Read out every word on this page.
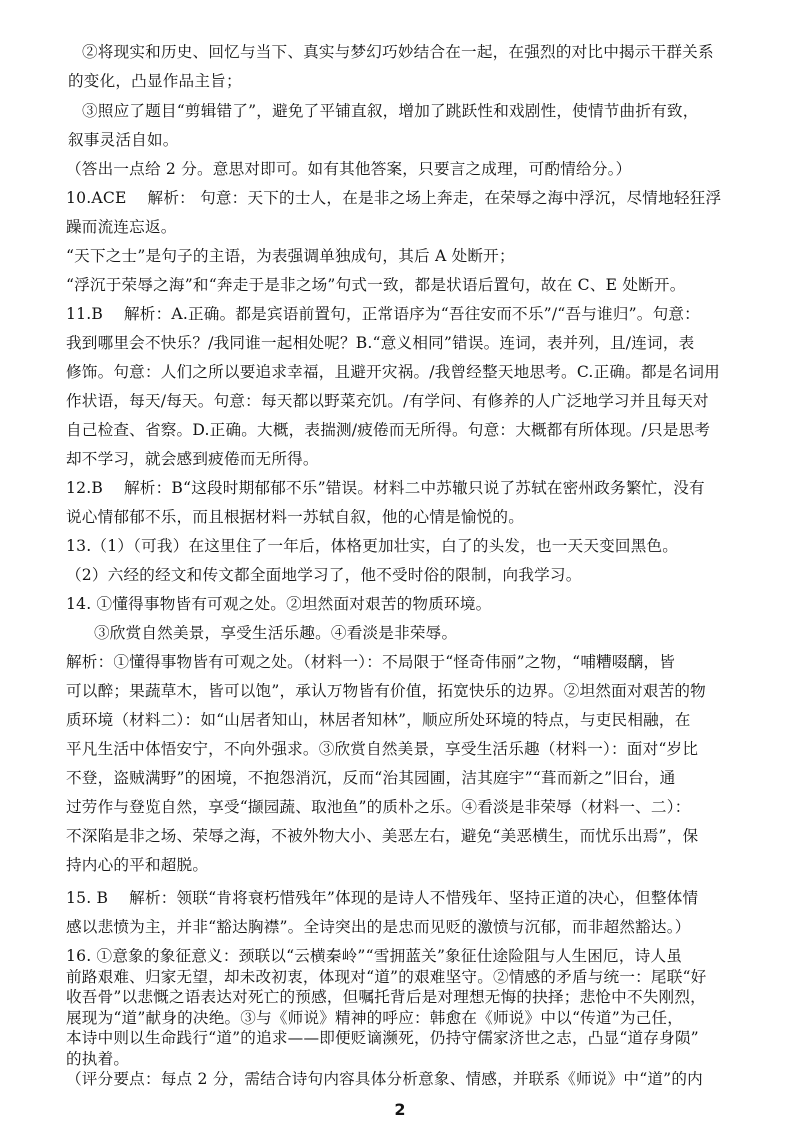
②将现实和历史、回忆与当下、真实与梦幻巧妙结合在一起，在强烈的对比中揭示干群关系
的变化，凸显作品主旨；
③照应了题目“剪辑错了”，避免了平铺直叙，增加了跳跃性和戏剧性，使情节曲折有致，
叙事灵活自如。
（答出一点给 2 分。意思对即可。如有其他答案，只要言之成理，可酌情给分。）
10.ACE　 解析： 句意：天下的士人，在是非之场上奔走，在荣辱之海中浮沉，尽情地轻狂浮
躁而流连忘返。
“天下之士”是句子的主语，为表强调单独成句，其后 A 处断开；
“浮沉于荣辱之海”和“奔走于是非之场”句式一致，都是状语后置句，故在 C、E 处断开。
11.B　 解析：A.正确。都是宾语前置句，正常语序为“吾往安而不乐”/“吾与谁归”。句意：
我到哪里会不快乐？/我同谁一起相处呢？B.“意义相同”错误。连词，表并列，且/连词，表
修饰。句意：人们之所以要追求幸福，且避开灾祸。/我曾经整天地思考。C.正确。都是名词用
作状语，每天/每天。句意：每天都以野菜充饥。/有学问、有修养的人广泛地学习并且每天对
自己检查、省察。D.正确。大概，表揣测/疲倦而无所得。句意：大概都有所体现。/只是思考
却不学习，就会感到疲倦而无所得。
12.B　 解析：B“这段时期郁郁不乐”错误。材料二中苏辙只说了苏轼在密州政务繁忙，没有
说心情郁郁不乐，而且根据材料一苏轼自叙，他的心情是愉悦的。
13.（1）（可我）在这里住了一年后，体格更加壮实，白了的头发，也一天天变回黑色。
（2）六经的经文和传文都全面地学习了，他不受时俗的限制，向我学习。
14. ①懂得事物皆有可观之处。②坦然面对艰苦的物质环境。
③欣赏自然美景，享受生活乐趣。④看淡是非荣辱。
解析：①懂得事物皆有可观之处。（材料一）：不局限于“怪奇伟丽”之物，“哺糟啜醨，皆
可以醉；果蔬草木，皆可以饱”，承认万物皆有价值，拓宽快乐的边界。②坦然面对艰苦的物
质环境（材料二）：如“山居者知山，林居者知林”，顺应所处环境的特点，与吏民相融，在
平凡生活中体悟安宁，不向外强求。③欣赏自然美景，享受生活乐趣（材料一）：面对“岁比
不登，盗贼满野”的困境，不抱怨消沉，反而“治其园圃，洁其庭宇”“葺而新之”旧台，通
过劳作与登览自然，享受“撷园蔬、取池鱼”的质朴之乐。④看淡是非荣辱（材料一、二）：
不深陷是非之场、荣辱之海，不被外物大小、美恶左右，避免“美恶横生，而忧乐出焉”，保
持内心的平和超脱。
15. B　 解析：领联“肯将衰朽惜残年”体现的是诗人不惜残年、坚持正道的决心，但整体情
感以悲愤为主，并非“豁达胸襟”。全诗突出的是忠而见贬的激愤与沉郁，而非超然豁达。）
16. ①意象的象征意义：颈联以“云横秦岭”“雪拥蓝关”象征仕途险阻与人生困厄，诗人虽
前路艰难、归家无望，却未改初衷，体现对“道”的艰难坚守。②情感的矛盾与统一：尾联“好
收吾骨”以悲慨之语表达对死亡的预感，但嘱托背后是对理想无悔的抉择；悲怆中不失刚烈，
展现为“道”献身的决绝。③与《师说》精神的呼应：韩愈在《师说》中以“传道”为己任，
本诗中则以生命践行“道”的追求——即便贬谪濒死，仍持守儒家济世之志，凸显“道存身陨”
的执着。
（评分要点：每点 2 分，需结合诗句内容具体分析意象、情感，并联系《师说》中“道”的内
2
